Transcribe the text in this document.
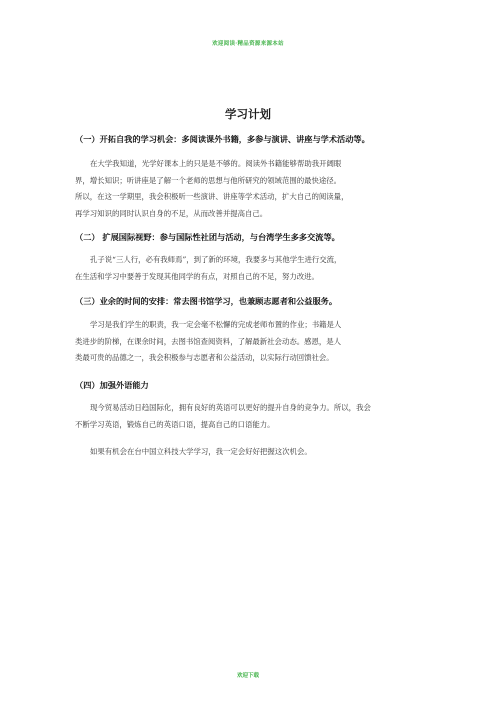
欢迎阅读·精品资源来源本站
学习计划
（一）开拓自我的学习机会：多阅读课外书籍，多参与演讲、讲座与学术活动等。
在大学我知道，光学好课本上的只是是不够的。阅读外书籍能够帮助我开阔眼
界，增长知识；听讲座是了解一个老师的思想与他所研究的领域范围的最快途径。
所以，在这一学期里，我会积极听一些演讲、讲座等学术活动，扩大自己的阅读量，
再学习知识的同时认识自身的不足，从而改善并提高自己。
（二） 扩展国际视野：参与国际性社团与活动，与台湾学生多多交流等。
孔子说“三人行，必有我师焉”，到了新的环境，我要多与其他学生进行交流，
在生活和学习中要善于发现其他同学的有点，对照自己的不足，努力改进。
（三）业余的时间的安排：常去图书馆学习，也兼顾志愿者和公益服务。
学习是我们学生的职责，我一定会毫不松懈的完成老师布置的作业；书籍是人
类进步的阶梯，在课余时间，去图书馆查阅资料，了解最新社会动态。感恩，是人
类最可贵的品德之一，我会积极参与志愿者和公益活动，以实际行动回馈社会。
（四）加强外语能力
现今贸易活动日趋国际化，拥有良好的英语可以更好的提升自身的竞争力。所以，我会
不断学习英语，锻炼自己的英语口语，提高自己的口语能力。
如果有机会在台中国立科技大学学习，我一定会好好把握这次机会。
欢迎下载
